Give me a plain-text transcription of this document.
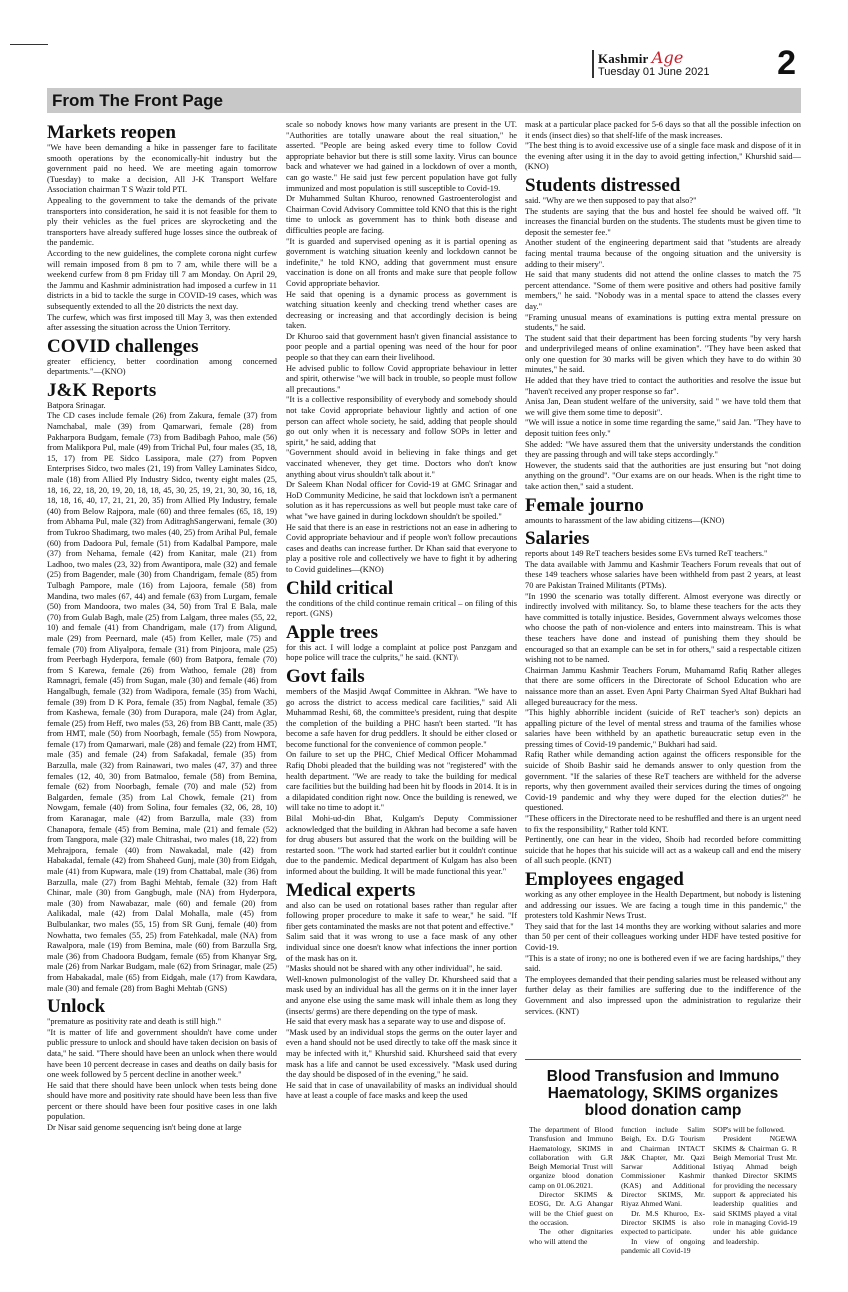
Kashmir Age
Tuesday 01 June 2021	2
From The Front Page
Markets reopen

"We have been demanding a hike in passenger fare to facilitate smooth operations by the economically-hit industry but the government paid no heed. We are meeting again tomorrow (Tuesday) to make a decision, All J-K Transport Welfare Association chairman T S Wazir told PTI.

Appealing to the government to take the demands of the private transporters into consideration, he said it is not feasible for them to ply their vehicles as the fuel prices are skyrocketing and the transporters have already suffered huge losses since the outbreak of the pandemic.

According to the new guidelines, the complete corona night curfew will remain imposed from 8 pm to 7 am, while there will be a weekend curfew from 8 pm Friday till 7 am Monday. On April 29, the Jammu and Kashmir administration had imposed a curfew in 11 districts in a bid to tackle the surge in COVID-19 cases, which was subsequently extended to all the 20 districts the next day.

The curfew, which was first imposed till May 3, was then extended after assessing the situation across the Union Territory.

COVID challenges

greater efficiency, better coordination among concerned departments."—(KNO)

J&K Reports

Batpora Srinagar.

The CD cases include female (26) from Zakura, female (37) from Namchabal, male (39) from Qamarwari, female (28) from Pakharpora Budgam, female (73) from Badibagh Pahoo, male (56) from Malikpora Pul, male (49) from Trichal Pul, four males (35, 18, 15, 17) from PE Sidco Lassipora, male (27) from Popven Enterprises Sidco, two males (21, 19) from Valley Laminates Sidco, male (18) from Allied Ply Industry Sidco, twenty eight males (25, 18, 16, 22, 18, 20, 19, 20, 18, 18, 45, 30, 25, 19, 21, 30, 30, 16, 18, 18, 18, 16, 40, 17, 21, 21, 20, 35) from Allied Ply Industry, female (40) from Below Rajpora, male (60) and three females (65, 18, 19) from Abhama Pul, male (32) from AditraghSangerwani, female (30) from Tukroo Shadimarg, two males (40, 25) from Arihal Pul, female (60) from Dadoora Pul, female (51) from Kadalbal Pampore, male (37) from Nehama, female (42) from Kanitar, male (21) from Ladhoo, two males (23, 32) from Awantipora, male (32) and female (25) from Bagender, male (30) from Chandrigam, female (85) from Tulbagh Pampore, male (16) from Lajoora, female (58) from Mandina, two males (67, 44) and female (63) from Lurgam, female (50) from Mandoora, two males (34, 50) from Tral E Bala, male (70) from Gulab Bagh, male (25) from Lalgam, three males (55, 22, 10) and female (41) from Chandrigam, male (17) from Aligund, male (29) from Peernard, male (45) from Keller, male (75) and female (70) from Aliyalpora, female (31) from Pinjoora, male (25) from Peerbagh Hyderpora, female (60) from Batpora, female (70) from S Karewa, female (26) from Wathoo, female (28) from Ramnagri, female (45) from Sugan, male (30) and female (46) from Hangalbugh, female (32) from Wadipora, female (35) from Wachi, female (39) from D K Pora, female (35) from Nagbal, female (35) from Kashewa, female (30) from Durapora, male (24) from Aglar, female (25) from Heff, two males (53, 26) from BB Cantt, male (35) from HMT, male (50) from Noorbagh, female (55) from Nowpora, female (17) from Qamarwari, male (28) and female (22) from HMT, male (35) and female (24) from Safakadal, female (35) from Barzulla, male (32) from Rainawari, two males (47, 37) and three females (12, 40, 30) from Batmaloo, female (58) from Bemina, female (62) from Noorbagh, female (70) and male (52) from Balgarden, female (35) from Lal Chowk, female (21) from Nowgam, female (40) from Solina, four females (32, 06, 28, 10) from Karanagar, male (42) from Barzulla, male (33) from Chanapora, female (45) from Bemina, male (21) and female (52) from Tangpora, male (32) male Chitrashai, two males (18, 22) from Mehrajpora, female (40) from Nawakadal, male (42) from Habakadal, female (42) from Shaheed Gunj, male (30) from Eidgah, male (41) from Kupwara, male (19) from Chattabal, male (36) from Barzulla, male (27) from Baghi Mehtab, female (32) from Haft Chinar, male (30) from Gangbugh, male (NA) from Hyderpora, male (30) from Nawabazar, male (60) and female (20) from Aalikadal, male (42) from Dalal Mohalla, male (45) from Bulbulankar, two males (55, 15) from SR Gunj, female (40) from Nowhatta, two females (55, 25) from Fatehkadal, male (NA) from Rawalpora, male (19) from Bemina, male (60) from Barzulla Srg, male (36) from Chadoora Budgam, female (65) from Khanyar Srg, male (26) from Narkar Budgam, male (62) from Srinagar, male (25) from Habakadal, male (65) from Eidgah, male (17) from Kawdara, male (30) and female (28) from Baghi Mehtab (GNS)

Unlock

"premature as positivity rate and death is still high."

"It is matter of life and government shouldn't have come under public pressure to unlock and should have taken decision on basis of data," he said. "There should have been an unlock when there would have been 10 percent decrease in cases and deaths on daily basis for one week followed by 5 percent decline in another week."

He said that there should have been unlock when tests being done should have more and positivity rate should have been less than five percent or there should have been four positive cases in one lakh population.

Dr Nisar said genome sequencing isn't being done at large

scale so nobody knows how many variants are present in the UT. "Authorities are totally unaware about the real situation," he asserted. "People are being asked every time to follow Covid appropriate behavior but there is still some laxity. Virus can bounce back and whatever we had gained in a lockdown of over a month, can go waste." He said just few percent population have got fully immunized and most population is still susceptible to Covid-19.

Dr Muhammed Sultan Khuroo, renowned Gastroenterologist and Chairman Covid Advisory Committee told KNO that this is the right time to unlock as government has to think both disease and difficulties people are facing.

"It is guarded and supervised opening as it is partial opening as government is watching situation keenly and lockdown cannot be indefinite," he told KNO, adding that government must ensure vaccination is done on all fronts and make sure that people follow Covid appropriate behavior.

He said that opening is a dynamic process as government is watching situation keenly and checking trend whether cases are decreasing or increasing and that accordingly decision is being taken.

Dr Khuroo said that government hasn't given financial assistance to poor people and a partial opening was need of the hour for poor people so that they can earn their livelihood.

He advised public to follow Covid appropriate behaviour in letter and spirit, otherwise "we will back in trouble, so people must follow all precautions."

"It is a collective responsibility of everybody and somebody should not take Covid appropriate behaviour lightly and action of one person can affect whole society, he said, adding that people should go out only when it is necessary and follow SOPs in letter and spirit," he said, adding that

"Government should avoid in believing in fake things and get vaccinated whenever, they get time. Doctors who don't know anything about virus shouldn't talk about it."

Dr Saleem Khan Nodal officer for Covid-19 at GMC Srinagar and HoD Community Medicine, he said that lockdown isn't a permanent solution as it has repercussions as well but people must take care of what "we have gained in during lockdown shouldn't be spoiled."

He said that there is an ease in restrictions not an ease in adhering to Covid appropriate behaviour and if people won't follow precautions cases and deaths can increase further. Dr Khan said that everyone to play a positive role and collectively we have to fight it by adhering to Covid guidelines—(KNO)

Child critical

the conditions of the child continue remain critical – on filing of this report. (GNS)

Apple trees

for this act. I will lodge a complaint at police post Panzgam and hope police will trace the culprits," he said. (KNT)\

Govt fails

members of the Masjid Awqaf Committee in Akhran. "We have to go across the district to access medical care facilities," said Ali Muhammad Reshi, 68, the committee's president, ruing that despite the completion of the building a PHC hasn't been started. "It has become a safe haven for drug peddlers. It should be either closed or become functional for the convenience of common people."

On failure to set up the PHC, Chief Medical Officer Mohammad Rafiq Dhobi pleaded that the building was not "registered" with the health department. "We are ready to take the building for medical care facilities but the building had been hit by floods in 2014. It is in a dilapidated condition right now. Once the building is renewed, we will take no time to adopt it."

Bilal Mohi-ud-din Bhat, Kulgam's Deputy Commissioner acknowledged that the building in Akhran had become a safe haven for drug abusers but assured that the work on the building will be restarted soon. "The work had started earlier but it couldn't continue due to the pandemic. Medical department of Kulgam has also been informed about the building. It will be made functional this year."

Medical experts

and also can be used on rotational bases rather than regular after following proper procedure to make it safe to wear," he said. "If fiber gets contaminated the masks are not that potent and effective."

Salim said that it was wrong to use a face mask of any other individual since one doesn't know what infections the inner portion of the mask has on it.

"Masks should not be shared with any other individual", he said.

Well-known pulmonologist of the valley Dr. Khursheed said that a mask used by an individual has all the germs on it in the inner layer and anyone else using the same mask will inhale them as long they (insects/ germs) are there depending on the type of mask.

He said that every mask has a separate way to use and dispose of.

"Mask used by an individual stops the germs on the outer layer and even a hand should not be used directly to take off the mask since it may be infected with it," Khurshid said. Khursheed said that every mask has a life and cannot be used excessively. "Mask used during the day should be disposed of in the evening," he said.

He said that in case of unavailability of masks an individual should have at least a couple of face masks and keep the used

mask at a particular place packed for 5-6 days so that all the possible infection on it ends (insect dies) so that shelf-life of the mask increases.

"The best thing is to avoid excessive use of a single face mask and dispose of it in the evening after using it in the day to avoid getting infection," Khurshid said—(KNO)

Students distressed

said. "Why are we then supposed to pay that also?"

The students are saying that the bus and hostel fee should be waived off. "It increases the financial burden on the students. The students must be given time to deposit the semester fee."

Another student of the engineering department said that "students are already facing mental trauma because of the ongoing situation and the university is adding to their misery".

He said that many students did not attend the online classes to match the 75 percent attendance. "Some of them were positive and others had positive family members," he said. "Nobody was in a mental space to attend the classes every day."

"Framing unusual means of examinations is putting extra mental pressure on students," he said.

The student said that their department has been forcing students "by very harsh and underprivileged means of online examination". "They have been asked that only one question for 30 marks will be given which they have to do within 30 minutes," he said.

He added that they have tried to contact the authorities and resolve the issue but "haven't received any proper response so far".

Anisa Jan, Dean student welfare of the university, said " we have told them that we will give them some time to deposit".

"We will issue a notice in some time regarding the same," said Jan. "They have to deposit tuition fees only."

She added: "We have assured them that the university understands the condition they are passing through and will take steps accordingly."

However, the students said that the authorities are just ensuring but "not doing anything on the ground". "Our exams are on our heads. When is the right time to take action then," said a student.

Female journo

amounts to harassment of the law abiding citizens—(KNO)

Salaries

reports about 149 ReT teachers besides some EVs turned ReT teachers."

The data available with Jammu and Kashmir Teachers Forum reveals that out of these 149 teachers whose salaries have been withheld from past 2 years, at least 70 are Pakistan Trained Militants (PTMs).

"In 1990 the scenario was totally different. Almost everyone was directly or indirectly involved with militancy. So, to blame these teachers for the acts they have committed is totally injustice. Besides, Government always welcomes those who choose the path of non-violence and enters into mainstream. This is what these teachers have done and instead of punishing them they should be encouraged so that an example can be set in for others," said a respectable citizen wishing not to be named.

Chairman Jammu Kashmir Teachers Forum, Muhamamd Rafiq Rather alleges that there are some officers in the Directorate of School Education who are naissance more than an asset. Even Apni Party Chairman Syed Altaf Bukhari had alleged bureaucracy for the mess.

"This highly abhorrible incident (suicide of ReT teacher's son) depicts an appalling picture of the level of mental stress and trauma of the families whose salaries have been withheld by an apathetic bureaucratic setup even in the pressing times of Covid-19 pandemic," Bukhari had said.

Rafiq Rather while demanding action against the officers responsible for the suicide of Shoib Bashir said he demands answer to only question from the government. "If the salaries of these ReT teachers are withheld for the adverse reports, why then government availed their services during the times of ongoing Covid-19 pandemic and why they were duped for the election duties?" he questioned.

"These officers in the Directorate need to be reshuffled and there is an urgent need to fix the responsibility," Rather told KNT.

Pertinently, one can hear in the video, Shoib had recorded before committing suicide that he hopes that his suicide will act as a wakeup call and end the misery of all such people. (KNT)

Employees engaged

working as any other employee in the Health Department, but nobody is listening and addressing our issues. We are facing a tough time in this pandemic," the protesters told Kashmir News Trust.

They said that for the last 14 months they are working without salaries and more than 50 per cent of their colleagues working under HDF have tested positive for Covid-19.

"This is a state of irony; no one is bothered even if we are facing hardships," they said.

The employees demanded that their pending salaries must be released without any further delay as their families are suffering due to the indifference of the Government and also impressed upon the administration to regularize their services. (KNT)

Blood Transfusion and Immuno Haematology, SKIMS organizes blood donation camp

The department of Blood Transfusion and Immuno Haematology, SKIMS in collaboration with G.R Beigh Memorial Trust will organize blood donation camp on 01.06.2021.

Director SKIMS & EOSG, Dr. A.G Ahangar will be the Chief guest on the occasion.

The other dignitaries who will attend the

function include Salim Beigh, Ex. D.G Tourism and Chairman INTACT J&K Chapter, Mr. Qazi Sarwar Additional Commissioner Kashmir (KAS) and Additional Director SKIMS, Mr. Riyaz Ahmed Wani.

Dr. M.S Khuroo, Ex-Director SKIMS is also expected to participate.

In view of ongoing pandemic all Covid-19

SOP's will be followed.

President NGEWA SKIMS & Chairman G. R Beigh Memorial Trust Mr. Istiyaq Ahmad beigh thanked Director SKIMS for providing the necessary support & appreciated his leadership qualities and said SKIMS played a vital role in managing Covid-19 under his able guidance and leadership.
